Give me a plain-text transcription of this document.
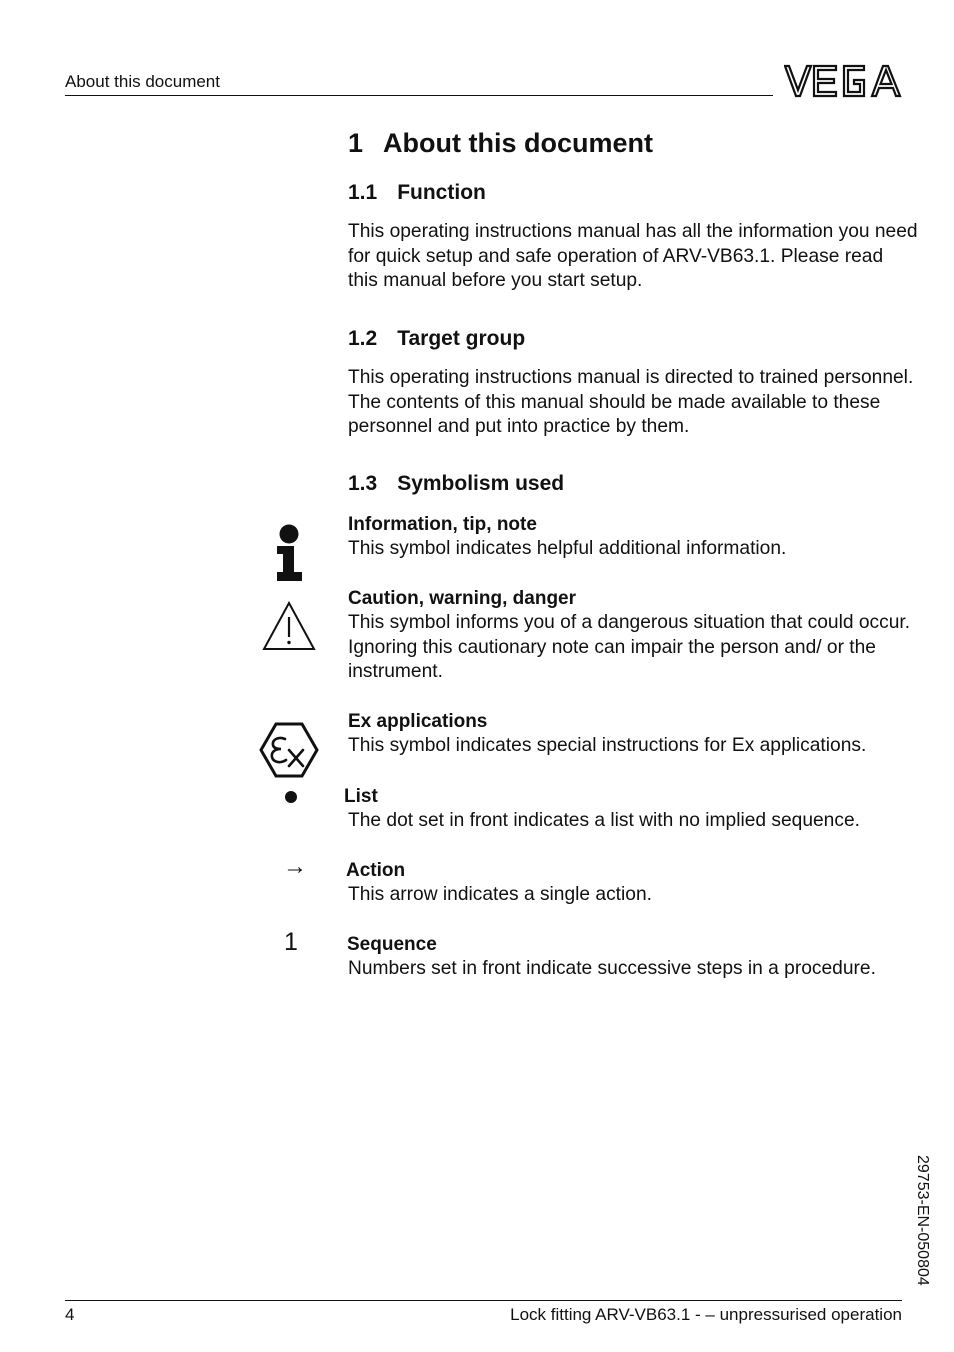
About this document
1 About this document
1.1 Function
This operating instructions manual has all the information you need for quick setup and safe operation of ARV-VB63.1. Please read this manual before you start setup.
1.2 Target group
This operating instructions manual is directed to trained personnel. The contents of this manual should be made available to these personnel and put into practice by them.
1.3 Symbolism used
Information, tip, note
This symbol indicates helpful additional information.
Caution, warning, danger
This symbol informs you of a dangerous situation that could occur. Ignoring this cautionary note can impair the person and/ or the instrument.
Ex applications
This symbol indicates special instructions for Ex applications.
List
The dot set in front indicates a list with no implied sequence.
→ Action
This arrow indicates a single action.
1	Sequence
Numbers set in front indicate successive steps in a procedure.
29753-EN-050804
4	Lock fitting ARV-VB63.1 - – unpressurised operation
